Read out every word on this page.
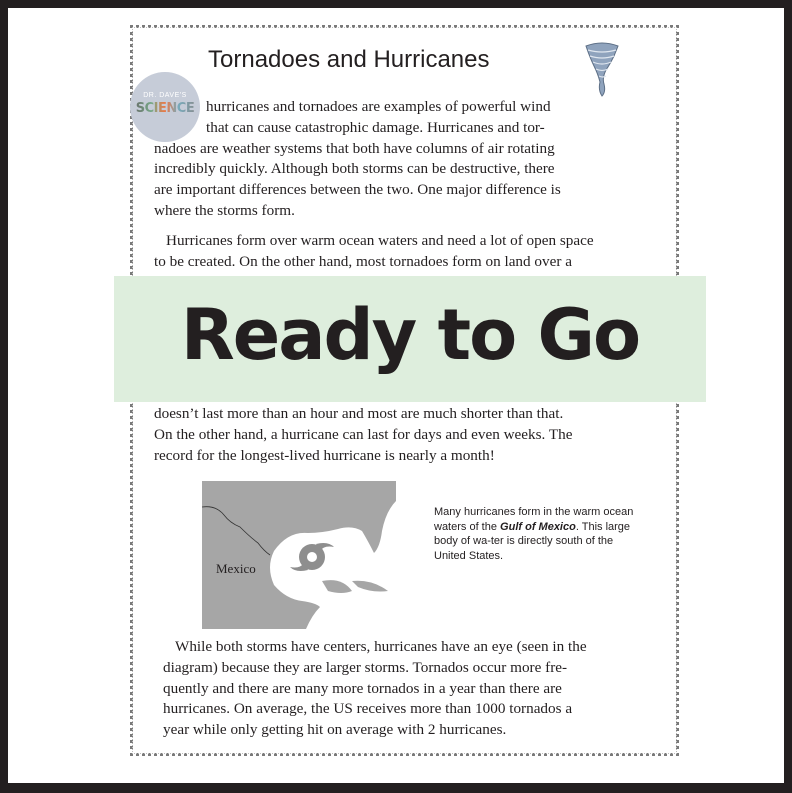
Tornadoes and Hurricanes
DR. DAVE'S
SCIENCE hurricanes and tornadoes are examples of powerful wind
that can cause catastrophic damage. Hurricanes and tor-
nadoes are weather systems that both have columns of air rotating
incredibly quickly. Although both storms can be destructive, there
are important differences between the two. One major difference is
where the storms form.
Hurricanes form over warm ocean waters and need a lot of open space
to be created. On the other hand, most tornadoes form on land over a
doesn’t last more than an hour and most are much shorter than that.
On the other hand, a hurricane can last for days and even weeks. The
record for the longest-lived hurricane is nearly a month!
Mexico
Many hurricanes form in the warm ocean waters of the Gulf of Mexico. This large body of wa-ter is directly south of the United States.
While both storms have centers, hurricanes have an eye (seen in the
diagram) because they are larger storms. Tornados occur more fre-
quently and there are many more tornados in a year than there are
hurricanes. On average, the US receives more than 1000 tornados a
year while only getting hit on average with 2 hurricanes.
Ready to Go
